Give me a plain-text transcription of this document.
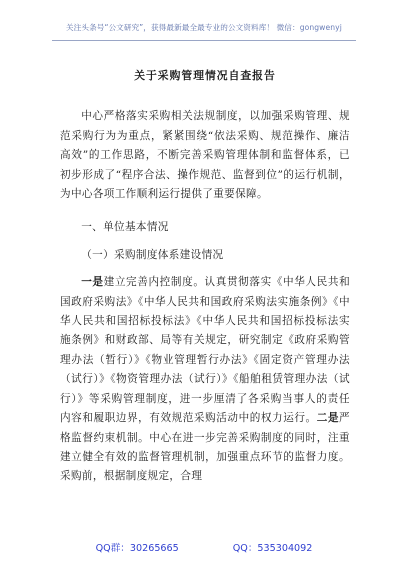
关注头条号“公文研究”，获得最新最全最专业的公文资料库！ 微信：gongwenyj
关于采购管理情况自查报告

中心严格落实采购相关法规制度，以加强采购管理、规范采购行为为重点，紧紧围绕“依法采购、规范操作、廉洁高效”的工作思路，不断完善采购管理体制和监督体系，已初步形成了“程序合法、操作规范、监督到位”的运行机制，为中心各项工作顺利运行提供了重要保障。

一、单位基本情况

（一）采购制度体系建设情况

一是建立完善内控制度。认真贯彻落实《中华人民共和国政府采购法》《中华人民共和国政府采购法实施条例》《中华人民共和国招标投标法》《中华人民共和国招标投标法实施条例》和财政部、局等有关规定，研究制定《政府采购管理办法（暂行）》《物业管理暂行办法》《固定资产管理办法（试行）》《物资管理办法（试行）》《船舶租赁管理办法（试行）》等采购管理制度，进一步厘清了各采购当事人的责任内容和履职边界，有效规范采购活动中的权力运行。二是严格监督约束机制。中心在进一步完善采购制度的同时，注重建立健全有效的监督管理机制，加强重点环节的监督力度。采购前，根据制度规定，合理

QQ群：30265665	QQ：535304092
